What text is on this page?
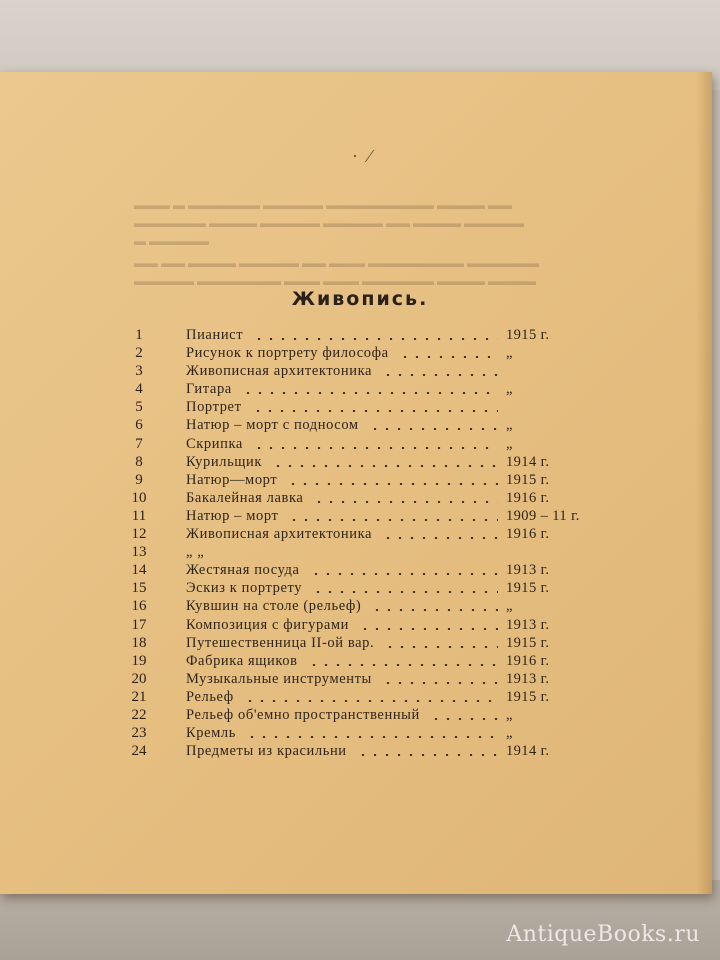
▬▬▬ ▬ ▬▬▬▬▬▬ ▬▬▬▬▬ ▬▬▬▬▬▬▬▬▬ ▬▬▬▬ ▬▬
▬▬▬▬▬▬ ▬▬▬▬ ▬▬▬▬▬ ▬▬▬▬▬ ▬▬ ▬▬▬▬ ▬▬▬▬▬
▬ ▬▬▬▬▬
▬▬ ▬▬ ▬▬▬▬ ▬▬▬▬▬ ▬▬ ▬▬▬ ▬▬▬▬▬▬▬▬ ▬▬▬▬▬▬
▬▬▬▬▬ ▬▬▬▬▬▬▬ ▬▬▬ ▬▬▬ ▬▬▬▬▬▬ ▬▬▬▬ ▬▬▬▬
·⁄
Живопись.
1	Пианист	1915 г.
2	Рисунок к портрету философа	„
3	Живописная архитектоника
4	Гитара	„
5	Портрет
6	Натюр – морт с подносом	„
7	Скрипка	„
8	Курильщик	1914 г.
9	Натюр—морт	1915 г.
10	Бакалейная лавка	1916 г.
11	Натюр – морт	1909 – 11 г.
12	Живописная архитектоника	1916 г.
13	„ „
14	Жестяная посуда	1913 г.
15	Эскиз к портрету	1915 г.
16	Кувшин на столе (рельеф)	„
17	Композиция с фигурами	1913 г.
18	Путешественница II-ой вар.	1915 г.
19	Фабрика ящиков	1916 г.
20	Музыкальные инструменты	1913 г.
21	Рельеф	1915 г.
22	Рельеф об'емно пространственный	„
23	Кремль	„
24	Предметы из красильни	1914 г.
AntiqueBooks.ru
